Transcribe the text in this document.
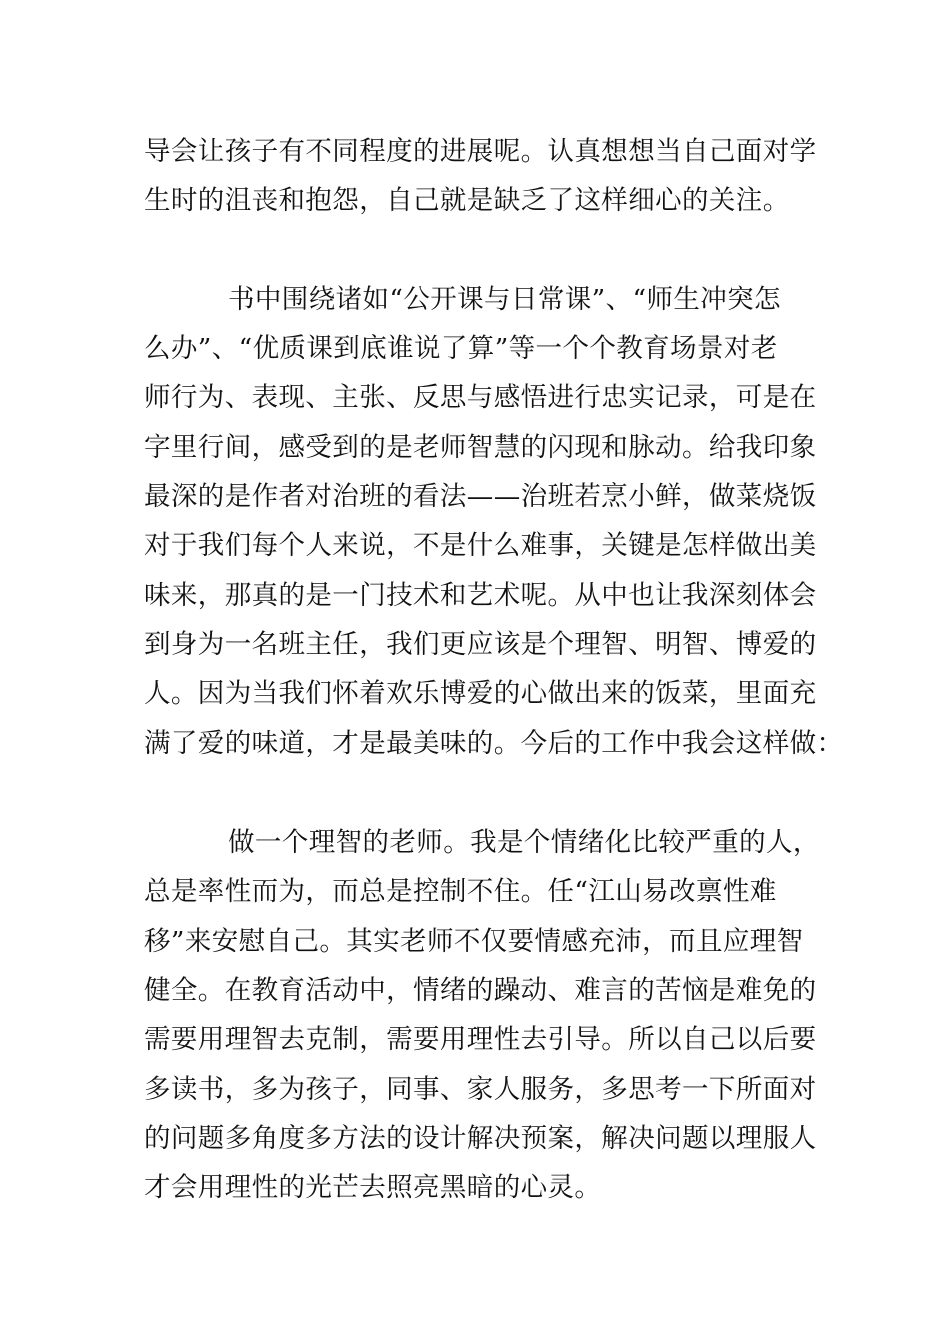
导会让孩子有不同程度的进展呢。认真想想当自己面对学
生时的沮丧和抱怨，自己就是缺乏了这样细心的关注。
书中围绕诸如“公开课与日常课”、“师生冲突怎
么办”、“优质课到底谁说了算”等一个个教育场景对老
师行为、表现、主张、反思与感悟进行忠实记录，可是在
字里行间，感受到的是老师智慧的闪现和脉动。给我印象
最深的是作者对治班的看法——治班若烹小鲜，做菜烧饭
对于我们每个人来说，不是什么难事，关键是怎样做出美
味来，那真的是一门技术和艺术呢。从中也让我深刻体会
到身为一名班主任，我们更应该是个理智、明智、博爱的
人。因为当我们怀着欢乐博爱的心做出来的饭菜，里面充
满了爱的味道，才是最美味的。今后的工作中我会这样做：
做一个理智的老师。我是个情绪化比较严重的人，
总是率性而为，而总是控制不住。任“江山易改禀性难
移”来安慰自己。其实老师不仅要情感充沛，而且应理智
健全。在教育活动中，情绪的躁动、难言的苦恼是难免的
需要用理智去克制，需要用理性去引导。所以自己以后要
多读书，多为孩子，同事、家人服务，多思考一下所面对
的问题多角度多方法的设计解决预案，解决问题以理服人
才会用理性的光芒去照亮黑暗的心灵。
